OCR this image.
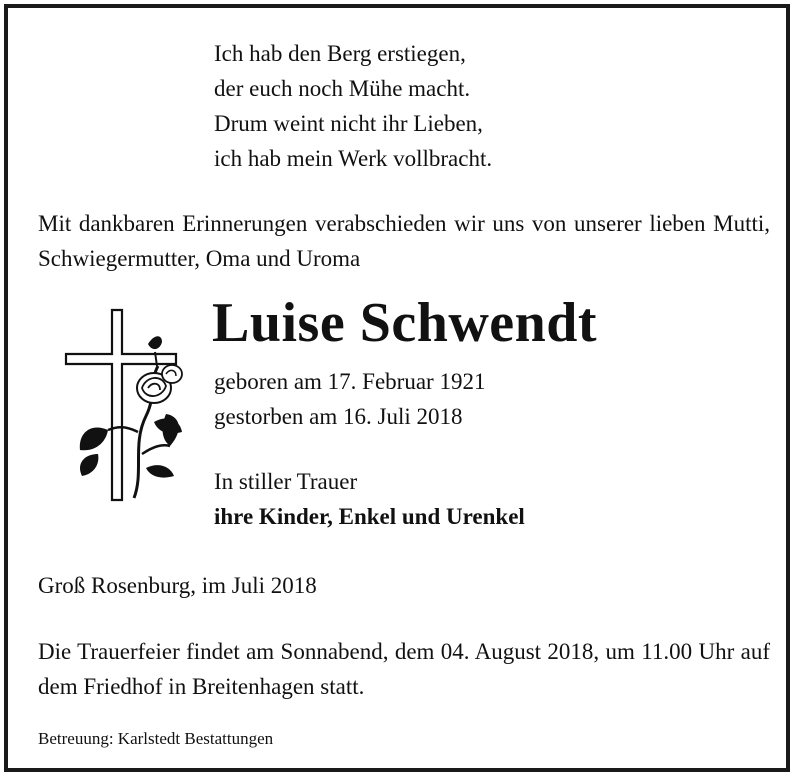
Ich hab den Berg erstiegen,
der euch noch Mühe macht.
Drum weint nicht ihr Lieben,
ich hab mein Werk vollbracht.
Mit dankbaren Erinnerungen verabschieden wir uns von unserer lieben Mutti, Schwiegermutter, Oma und Uroma
Luise Schwendt
geboren am 17. Februar 1921
gestorben am 16. Juli 2018
In stiller Trauer
ihre Kinder, Enkel und Urenkel
Groß Rosenburg, im Juli 2018
Die Trauerfeier findet am Sonnabend, dem 04. August 2018, um 11.00 Uhr auf dem Friedhof in Breitenhagen statt.
Betreuung: Karlstedt Bestattungen
